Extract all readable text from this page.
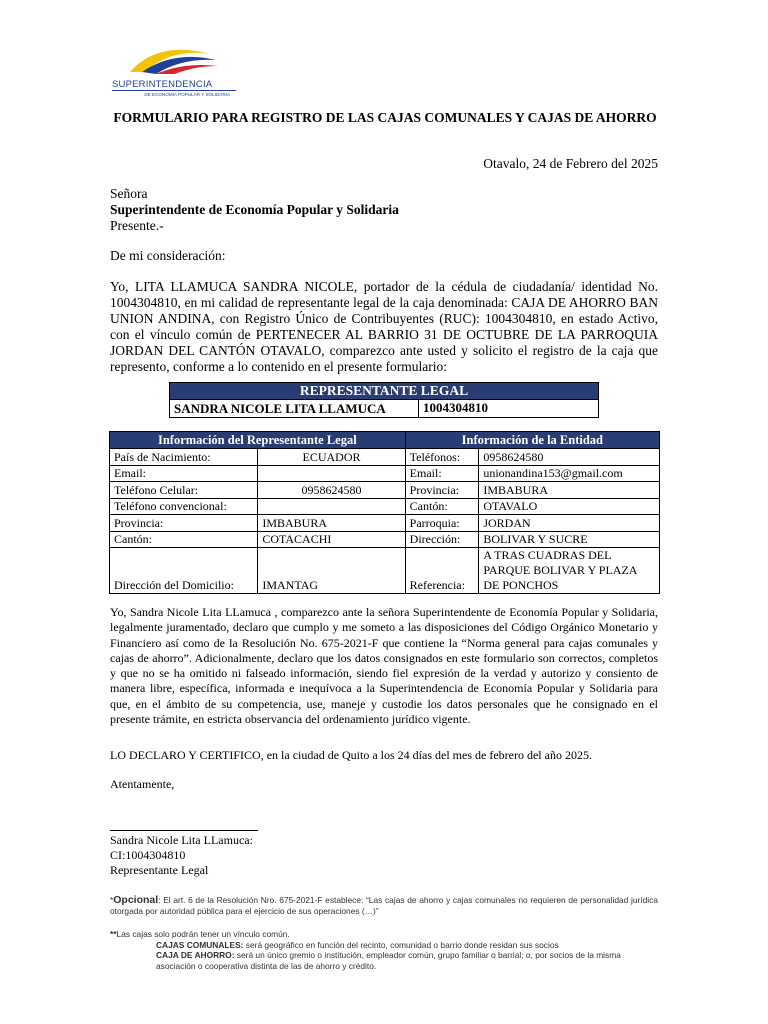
SUPERINTENDENCIA
DE ECONOMÍA POPULAR Y SOLIDARIA
FORMULARIO PARA REGISTRO DE LAS CAJAS COMUNALES Y CAJAS DE AHORRO
Otavalo, 24 de Febrero del 2025
Señora
Superintendente de Economía Popular y Solidaria
Presente.-
De mi consideración:
Yo, LITA LLAMUCA SANDRA NICOLE, portador de la cédula de ciudadanía/ identidad No. 1004304810, en mi calidad de representante legal de la caja denominada: CAJA DE AHORRO BAN UNION ANDINA, con Registro Único de Contribuyentes (RUC): 1004304810, en estado Activo, con el vínculo común de PERTENECER AL BARRIO 31 DE OCTUBRE DE LA PARROQUIA JORDAN DEL CANTÓN OTAVALO, comparezco ante usted y solicito el registro de la caja que represento, conforme a lo contenido en el presente formulario:
REPRESENTANTE LEGAL
SANDRA NICOLE LITA LLAMUCA	1004304810
Información del Representante Legal		Información de la Entidad	
País de Nacimiento:	ECUADOR	Teléfonos:	0958624580
Email:		Email:	unionandina153@gmail.com
Teléfono Celular:	0958624580	Provincia:	IMBABURA
Teléfono convencional:		Cantón:	OTAVALO
Provincia:	IMBABURA	Parroquia:	JORDAN
Cantón:	COTACACHI	Dirección:	BOLIVAR Y SUCRE
Dirección del Domicilio:	IMANTAG	Referencia:	A TRAS CUADRAS DEL PARQUE BOLIVAR Y PLAZA DE PONCHOS
Yo, Sandra Nicole Lita LLamuca , comparezco ante la señora Superintendente de Economía Popular y Solidaria, legalmente juramentado, declaro que cumplo y me someto a las disposiciones del Código Orgánico Monetario y Financiero así como de la Resolución No. 675-2021-F que contiene la “Norma general para cajas comunales y cajas de ahorro”. Adicionalmente, declaro que los datos consignados en este formulario son correctos, completos y que no se ha omitido ni falseado información, siendo fiel expresión de la verdad y autorizo y consiento de manera libre, específica, informada e inequívoca a la Superintendencia de Economía Popular y Solidaria para que, en el ámbito de su competencia, use, maneje y custodie los datos personales que he consignado en el presente trámite, en estricta observancia del ordenamiento jurídico vigente.
LO DECLARO Y CERTIFICO, en la ciudad de Quito a los 24 días del mes de febrero del año 2025.
Atentamente,
Sandra Nicole Lita LLamuca:
CI:1004304810
Representante Legal
*Opcional: El art. 6 de la Resolución Nro. 675-2021-F establece: “Las cajas de ahorro y cajas comunales no requieren de personalidad jurídica otorgada por autoridad pública para el ejercicio de sus operaciones (…)”
**Las cajas solo podrán tener un vínculo común.
CAJAS COMUNALES: será geográfico en función del recinto, comunidad o barrio donde residan sus socios
CAJA DE AHORRO: será un único gremio o institución, empleador común, grupo familiar o barrial; o, por socios de la misma asociación o cooperativa distinta de las de ahorro y crédito.
